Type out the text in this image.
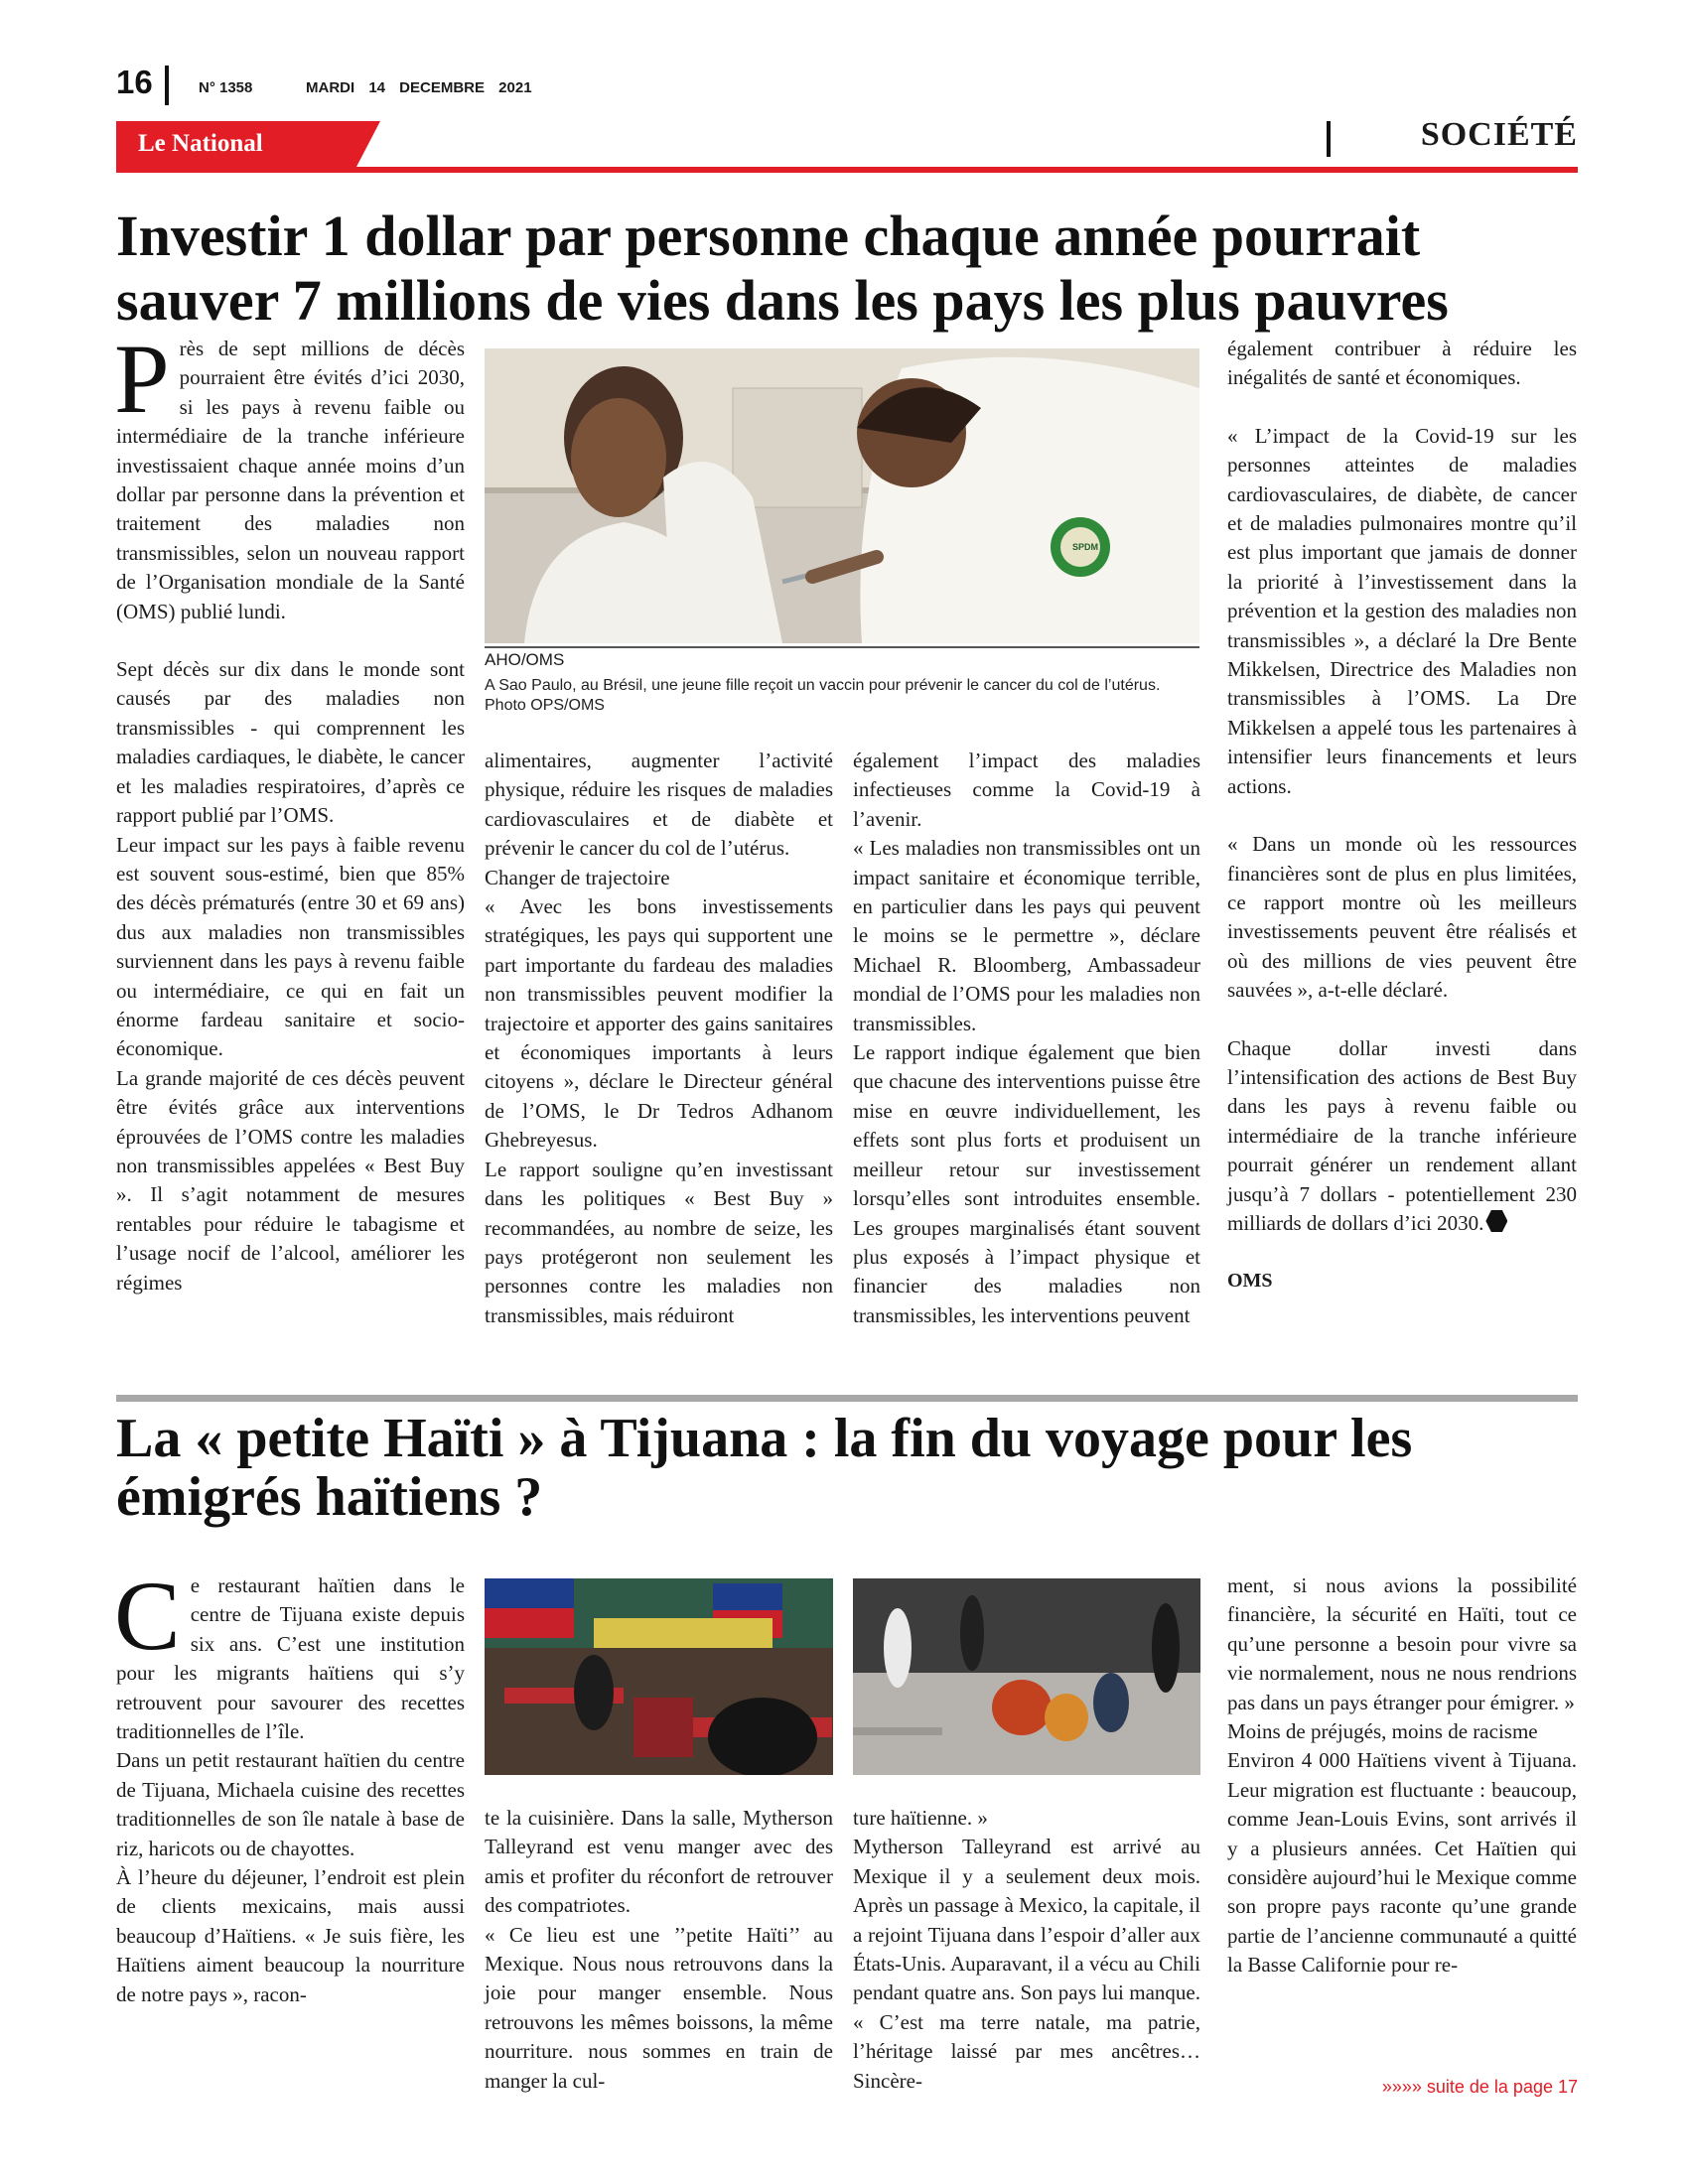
16	N° 1358	MARDI 14 DECEMBRE 2021
Le National	SOCIÉTÉ
Investir 1 dollar par personne chaque année pourrait sauver 7 millions de vies dans les pays les plus pauvres

Près de sept millions de décès pourraient être évités d’ici 2030, si les pays à revenu faible ou intermédiaire de la tranche inférieure investissaient chaque année moins d’un dollar par personne dans la prévention et traitement des maladies non transmissibles, selon un nouveau rapport de l’Organisation mondiale de la Santé (OMS) publié lundi.

Sept décès sur dix dans le monde sont causés par des maladies non transmissibles - qui comprennent les maladies cardiaques, le diabète, le cancer et les maladies respiratoires, d’après ce rapport publié par l’OMS.

Leur impact sur les pays à faible revenu est souvent sous-estimé, bien que 85% des décès prématurés (entre 30 et 69 ans) dus aux maladies non transmissibles surviennent dans les pays à revenu faible ou intermédiaire, ce qui en fait un énorme fardeau sanitaire et socio-économique.

La grande majorité de ces décès peuvent être évités grâce aux interventions éprouvées de l’OMS contre les maladies non transmissibles appelées « Best Buy ». Il s’agit notamment de mesures rentables pour réduire le tabagisme et l’usage nocif de l’alcool, améliorer les régimes

SPDM
AHO/OMS
A Sao Paulo, au Brésil, une jeune fille reçoit un vaccin pour prévenir le cancer du col de l’utérus. Photo OPS/OMS

alimentaires, augmenter l’activité physique, réduire les risques de maladies cardiovasculaires et de diabète et prévenir le cancer du col de l’utérus.

Changer de trajectoire

« Avec les bons investissements stratégiques, les pays qui supportent une part importante du fardeau des maladies non transmissibles peuvent modifier la trajectoire et apporter des gains sanitaires et économiques importants à leurs citoyens », déclare le Directeur général de l’OMS, le Dr Tedros Adhanom Ghebreyesus.

Le rapport souligne qu’en investissant dans les politiques « Best Buy » recommandées, au nombre de seize, les pays protégeront non seulement les personnes contre les maladies non transmissibles, mais réduiront

également l’impact des maladies infectieuses comme la Covid-19 à l’avenir.

« Les maladies non transmissibles ont un impact sanitaire et économique terrible, en particulier dans les pays qui peuvent le moins se le permettre », déclare Michael R. Bloomberg, Ambassadeur mondial de l’OMS pour les maladies non transmissibles.

Le rapport indique également que bien que chacune des interventions puisse être mise en œuvre individuellement, les effets sont plus forts et produisent un meilleur retour sur investissement lorsqu’elles sont introduites ensemble. Les groupes marginalisés étant souvent plus exposés à l’impact physique et financier des maladies non transmissibles, les interventions peuvent

également contribuer à réduire les inégalités de santé et économiques.

« L’impact de la Covid-19 sur les personnes atteintes de maladies cardiovasculaires, de diabète, de cancer et de maladies pulmonaires montre qu’il est plus important que jamais de donner la priorité à l’investissement dans la prévention et la gestion des maladies non transmissibles », a déclaré la Dre Bente Mikkelsen, Directrice des Maladies non transmissibles à l’OMS. La Dre Mikkelsen a appelé tous les partenaires à intensifier leurs financements et leurs actions.

« Dans un monde où les ressources financières sont de plus en plus limitées, ce rapport montre où les meilleurs investissements peuvent être réalisés et où des millions de vies peuvent être sauvées », a-t-elle déclaré.

Chaque dollar investi dans l’intensification des actions de Best Buy dans les pays à revenu faible ou intermédiaire de la tranche inférieure pourrait générer un rendement allant jusqu’à 7 dollars - potentiellement 230 milliards de dollars d’ici 2030.

OMS

La « petite Haïti » à Tijuana : la fin du voyage pour les émigrés haïtiens ?

Ce restaurant haïtien dans le centre de Tijuana existe depuis six ans. C’est une institution pour les migrants haïtiens qui s’y retrouvent pour savourer des recettes traditionnelles de l’île.

Dans un petit restaurant haïtien du centre de Tijuana, Michaela cuisine des recettes traditionnelles de son île natale à base de riz, haricots ou de chayottes.

À l’heure du déjeuner, l’endroit est plein de clients mexicains, mais aussi beaucoup d’Haïtiens. « Je suis fière, les Haïtiens aiment beaucoup la nourriture de notre pays », racon-

te la cuisinière. Dans la salle, Mytherson Talleyrand est venu manger avec des amis et profiter du réconfort de retrouver des compatriotes.

« Ce lieu est une ’’petite Haïti’’ au Mexique. Nous nous retrouvons dans la joie pour manger ensemble. Nous retrouvons les mêmes boissons, la même nourriture. nous sommes en train de manger la cul-

ture haïtienne. »

Mytherson Talleyrand est arrivé au Mexique il y a seulement deux mois. Après un passage à Mexico, la capitale, il a rejoint Tijuana dans l’espoir d’aller aux États-Unis. Auparavant, il a vécu au Chili pendant quatre ans. Son pays lui manque. « C’est ma terre natale, ma patrie, l’héritage laissé par mes ancêtres… Sincère-

ment, si nous avions la possibilité financière, la sécurité en Haïti, tout ce qu’une personne a besoin pour vivre sa vie normalement, nous ne nous rendrions pas dans un pays étranger pour émigrer. »

Moins de préjugés, moins de racisme

Environ 4 000 Haïtiens vivent à Tijuana. Leur migration est fluctuante : beaucoup, comme Jean-Louis Evins, sont arrivés il y a plusieurs années. Cet Haïtien qui considère aujourd’hui le Mexique comme son propre pays raconte qu’une grande partie de l’ancienne communauté a quitté la Basse Californie pour re-

»»»» suite de la page 17
